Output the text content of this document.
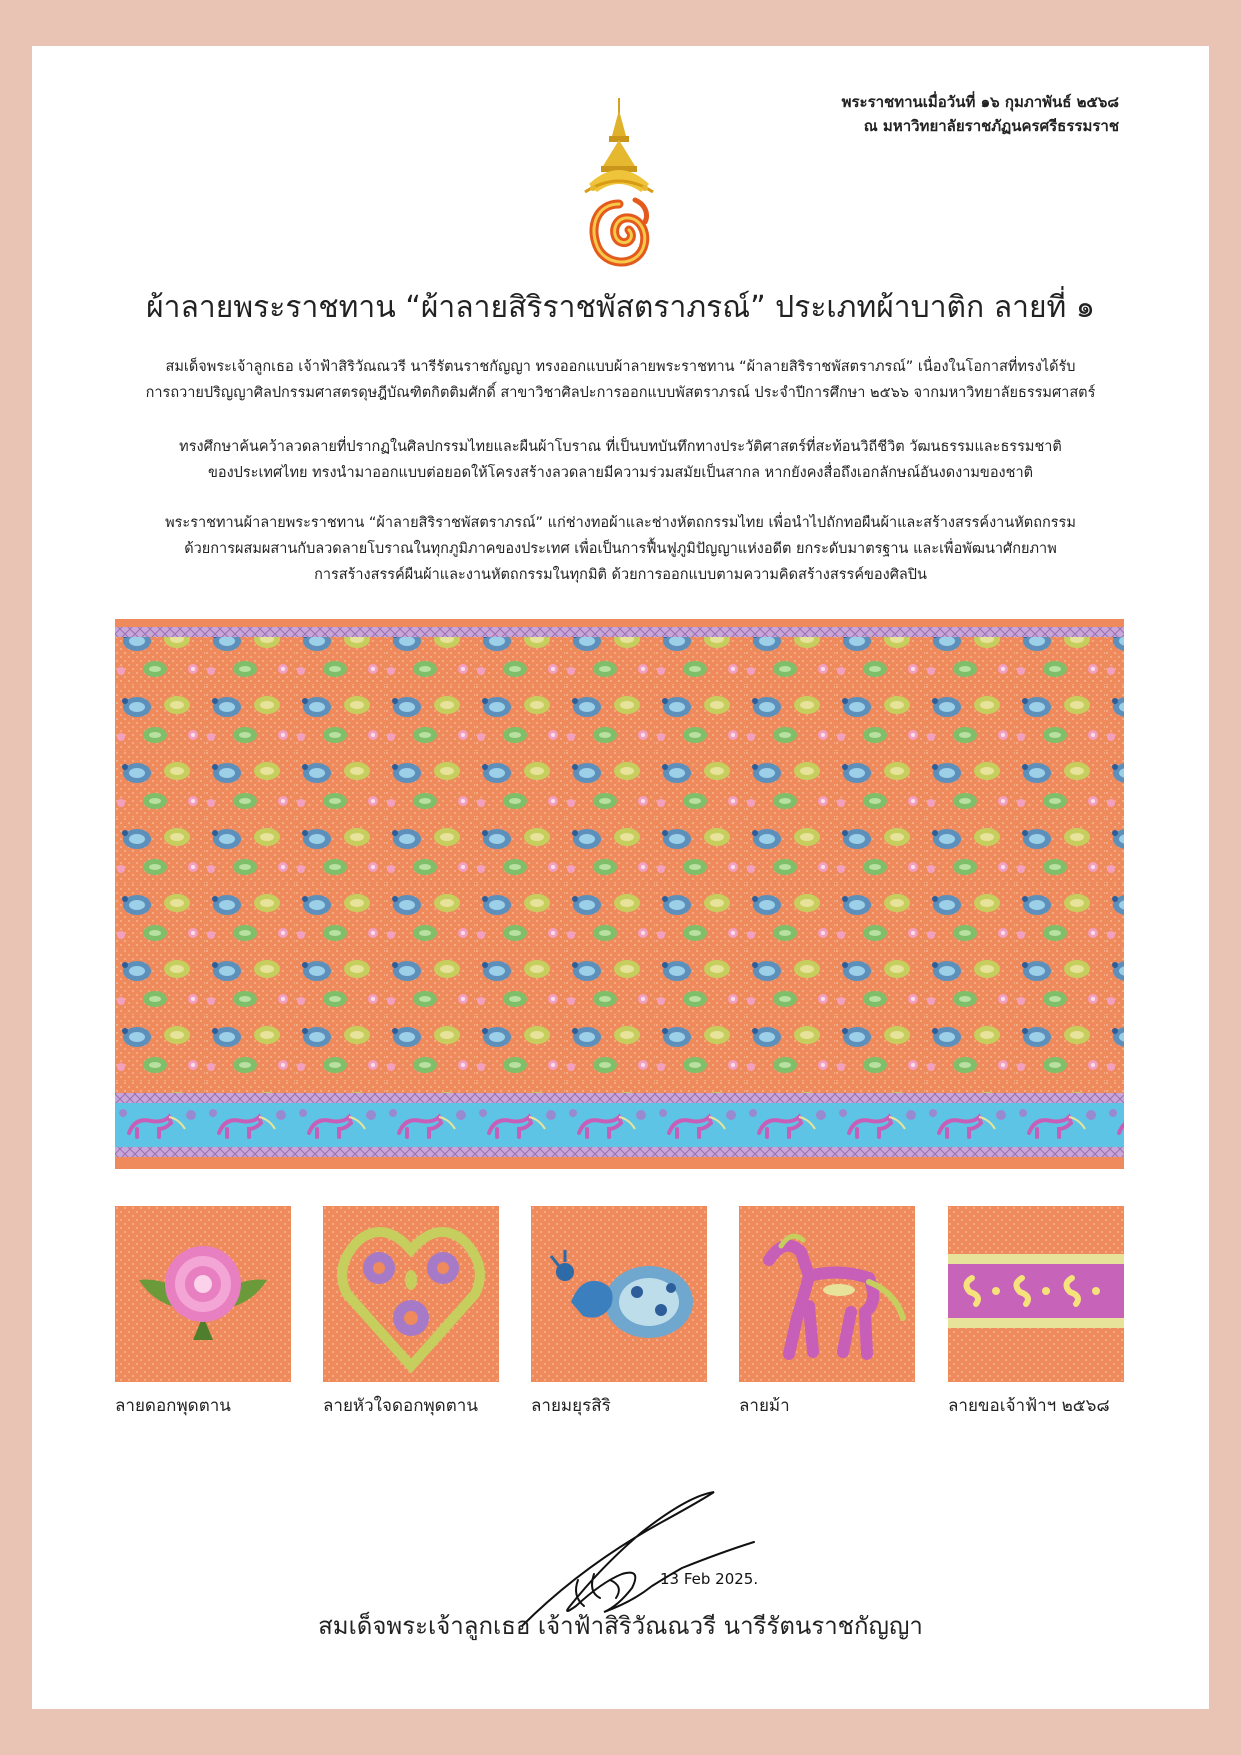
พระราชทานเมื่อวันที่ ๑๖ กุมภาพันธ์ ๒๕๖๘
ณ มหาวิทยาลัยราชภัฏนครศรีธรรมราช
ผ้าลายพระราชทาน “ผ้าลายสิริราชพัสตราภรณ์” ประเภทผ้าบาติก ลายที่ ๑
สมเด็จพระเจ้าลูกเธอ เจ้าฟ้าสิริวัณณวรี นารีรัตนราชกัญญา ทรงออกแบบผ้าลายพระราชทาน “ผ้าลายสิริราชพัสตราภรณ์” เนื่องในโอกาสที่ทรงได้รับ
การถวายปริญญาศิลปกรรมศาสตรดุษฎีบัณฑิตกิตติมศักดิ์ สาขาวิชาศิลปะการออกแบบพัสตราภรณ์ ประจำปีการศึกษา ๒๕๖๖ จากมหาวิทยาลัยธรรมศาสตร์
ทรงศึกษาค้นคว้าลวดลายที่ปรากฏในศิลปกรรมไทยและผืนผ้าโบราณ ที่เป็นบทบันทึกทางประวัติศาสตร์ที่สะท้อนวิถีชีวิต วัฒนธรรมและธรรมชาติ
ของประเทศไทย ทรงนำมาออกแบบต่อยอดให้โครงสร้างลวดลายมีความร่วมสมัยเป็นสากล หากยังคงสื่อถึงเอกลักษณ์อันงดงามของชาติ
พระราชทานผ้าลายพระราชทาน “ผ้าลายสิริราชพัสตราภรณ์” แก่ช่างทอผ้าและช่างหัตถกรรมไทย เพื่อนำไปถักทอผืนผ้าและสร้างสรรค์งานหัตถกรรม
ด้วยการผสมผสานกับลวดลายโบราณในทุกภูมิภาคของประเทศ เพื่อเป็นการฟื้นฟูภูมิปัญญาแห่งอดีต ยกระดับมาตรฐาน และเพื่อพัฒนาศักยภาพ
การสร้างสรรค์ผืนผ้าและงานหัตถกรรมในทุกมิติ ด้วยการออกแบบตามความคิดสร้างสรรค์ของศิลปิน
ลายดอกพุดตาน	ลายหัวใจดอกพุดตาน	ลายมยุรสิริ	ลายม้า	ลายขอเจ้าฟ้าฯ ๒๕๖๘
13 Feb 2025.
สมเด็จพระเจ้าลูกเธอ เจ้าฟ้าสิริวัณณวรี นารีรัตนราชกัญญา
